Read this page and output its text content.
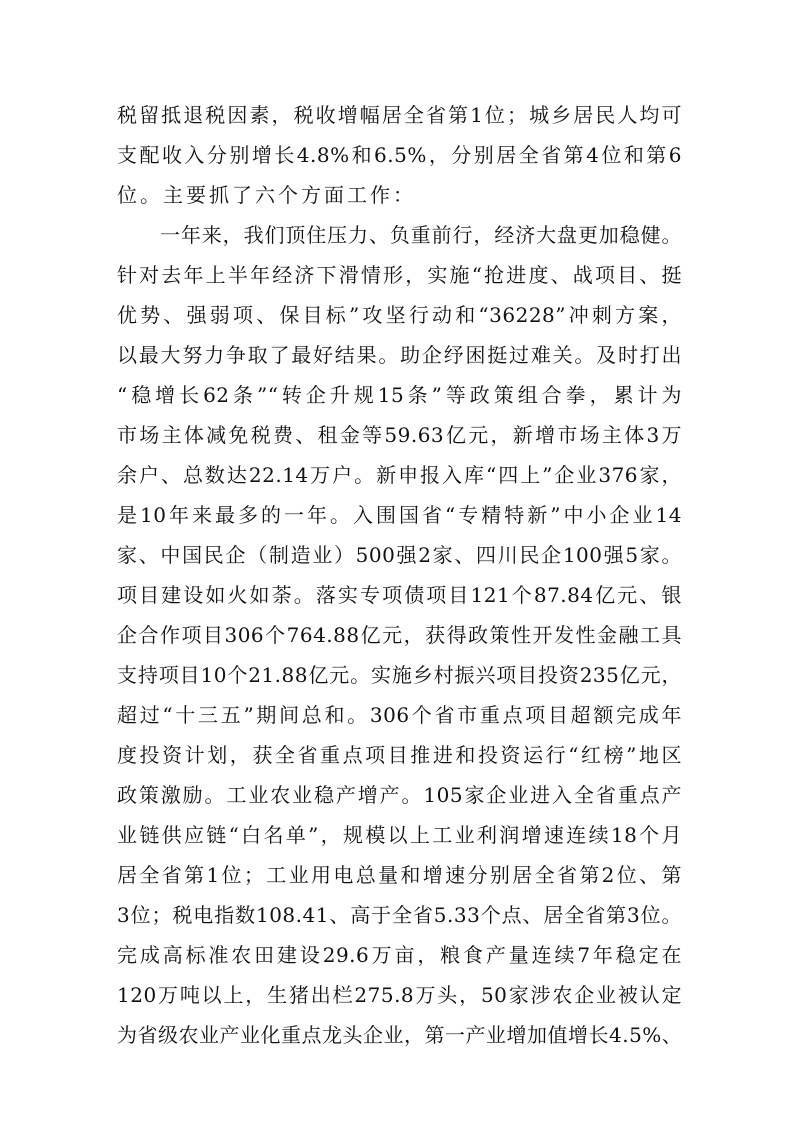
税留抵退税因素，税收增幅居全省第1位；城乡居民人均可
支配收入分别增长4.8%和6.5%，分别居全省第4位和第6
位。主要抓了六个方面工作：
一年来，我们顶住压力、负重前行，经济大盘更加稳健。
针对去年上半年经济下滑情形，实施“抢进度、战项目、挺
优势、强弱项、保目标”攻坚行动和“36228”冲刺方案，
以最大努力争取了最好结果。助企纾困挺过难关。及时打出
“稳增长62条”“转企升规15条”等政策组合拳，累计为
市场主体减免税费、租金等59.63亿元，新增市场主体3万
余户、总数达22.14万户。新申报入库“四上”企业376家，
是10年来最多的一年。入围国省“专精特新”中小企业14
家、中国民企（制造业）500强2家、四川民企100强5家。
项目建设如火如荼。落实专项债项目121个87.84亿元、银
企合作项目306个764.88亿元，获得政策性开发性金融工具
支持项目10个21.88亿元。实施乡村振兴项目投资235亿元，
超过“十三五”期间总和。306个省市重点项目超额完成年
度投资计划，获全省重点项目推进和投资运行“红榜”地区
政策激励。工业农业稳产增产。105家企业进入全省重点产
业链供应链“白名单”，规模以上工业利润增速连续18个月
居全省第1位；工业用电总量和增速分别居全省第2位、第
3位；税电指数108.41、高于全省5.33个点、居全省第3位。
完成高标准农田建设29.6万亩，粮食产量连续7年稳定在
120万吨以上，生猪出栏275.8万头，50家涉农企业被认定
为省级农业产业化重点龙头企业，第一产业增加值增长4.5%、
